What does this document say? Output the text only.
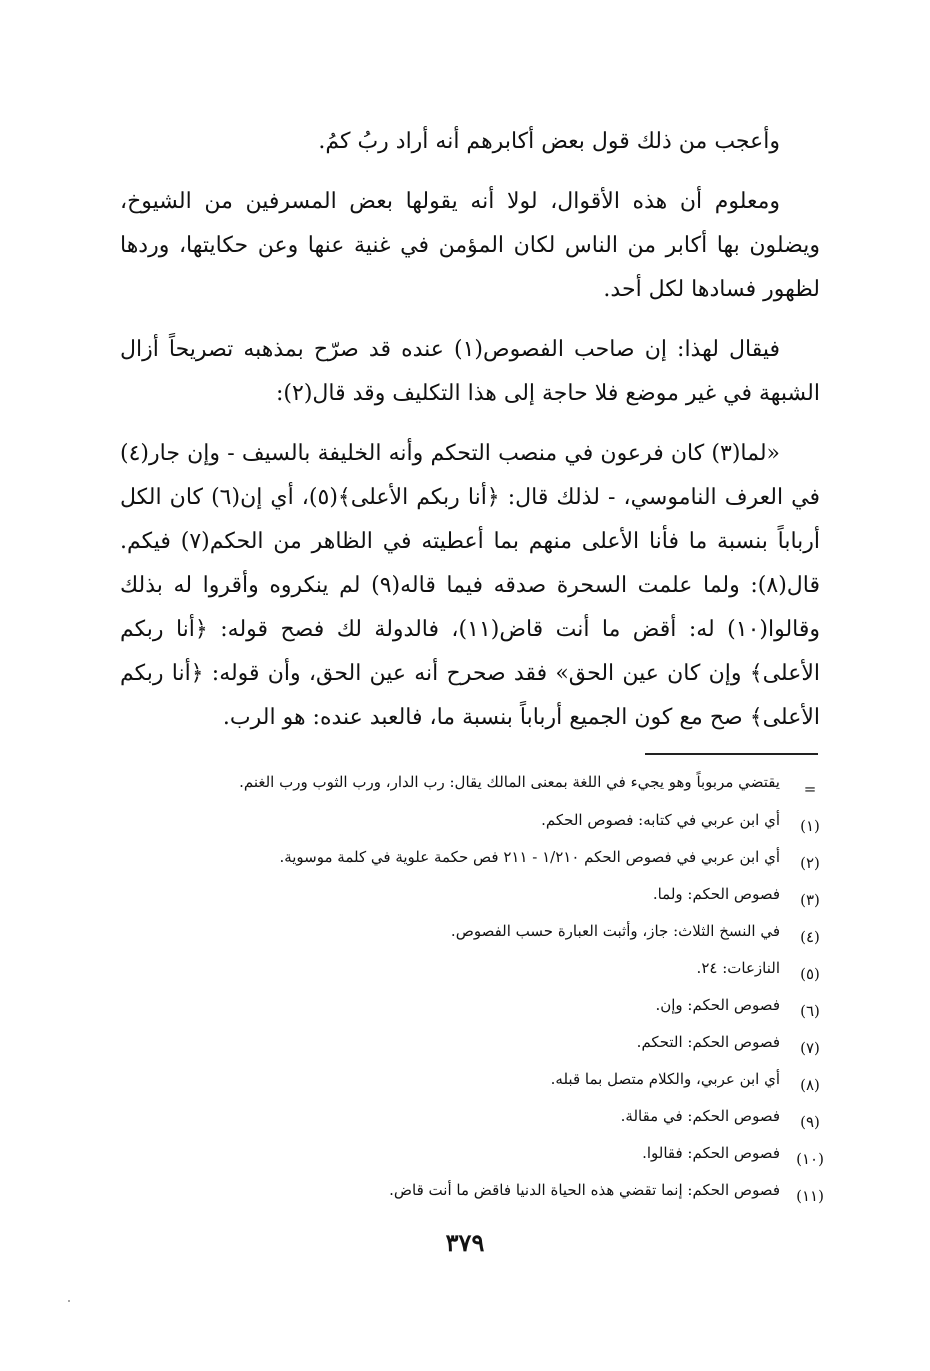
وأعجب من ذلك قول بعض أكابرهم أنه أراد ربُ كمُ.

ومعلوم أن هذه الأقوال، لولا أنه يقولها بعض المسرفين من الشيوخ، ويضلون بها أكابر من الناس لكان المؤمن في غنية عنها وعن حكايتها، وردها لظهور فسادها لكل أحد.

فيقال لهذا: إن صاحب الفصوص(١) عنده قد صرّح بمذهبه تصريحاً أزال الشبهة في غير موضع فلا حاجة إلى هذا التكليف وقد قال(٢):

«لما(٣) كان فرعون في منصب التحكم وأنه الخليفة بالسيف - وإن جار(٤) في العرف الناموسي، - لذلك قال: ﴿أنا ربكم الأعلى﴾(٥)، أي إن(٦) كان الكل أرباباً بنسبة ما فأنا الأعلى منهم بما أعطيته في الظاهر من الحكم(٧) فيكم. قال(٨): ولما علمت السحرة صدقه فيما قاله(٩) لم ينكروه وأقروا له بذلك وقالوا(١٠) له: أقض ما أنت قاض(١١)، فالدولة لك فصح قوله: ﴿أنا ربكم الأعلى﴾ وإن كان عين الحق» فقد صحرح أنه عين الحق، وأن قوله: ﴿أنا ربكم الأعلى﴾ صح مع كون الجميع أرباباً بنسبة ما، فالعبد عنده: هو الرب.

=
يقتضي مربوباً وهو يجيء في اللغة بمعنى المالك يقال: رب الدار، ورب الثوب ورب الغنم.
(١)
أي ابن عربي في كتابه: فصوص الحكم.
(٢)
أي ابن عربي في فصوص الحكم ١/٢١٠ - ٢١١ فص حكمة علوية في كلمة موسوية.
(٣)
فصوص الحكم: ولما.
(٤)
في النسخ الثلاث: جاز، وأثبت العبارة حسب الفصوص.
(٥)
النازعات: ٢٤.
(٦)
فصوص الحكم: وإن.
(٧)
فصوص الحكم: التحكم.
(٨)
أي ابن عربي، والكلام متصل بما قبله.
(٩)
فصوص الحكم: في مقالة.
(١٠)
فصوص الحكم: فقالوا.
(١١)
فصوص الحكم: إنما تقضي هذه الحياة الدنيا فاقض ما أنت قاض.
٣٧٩
